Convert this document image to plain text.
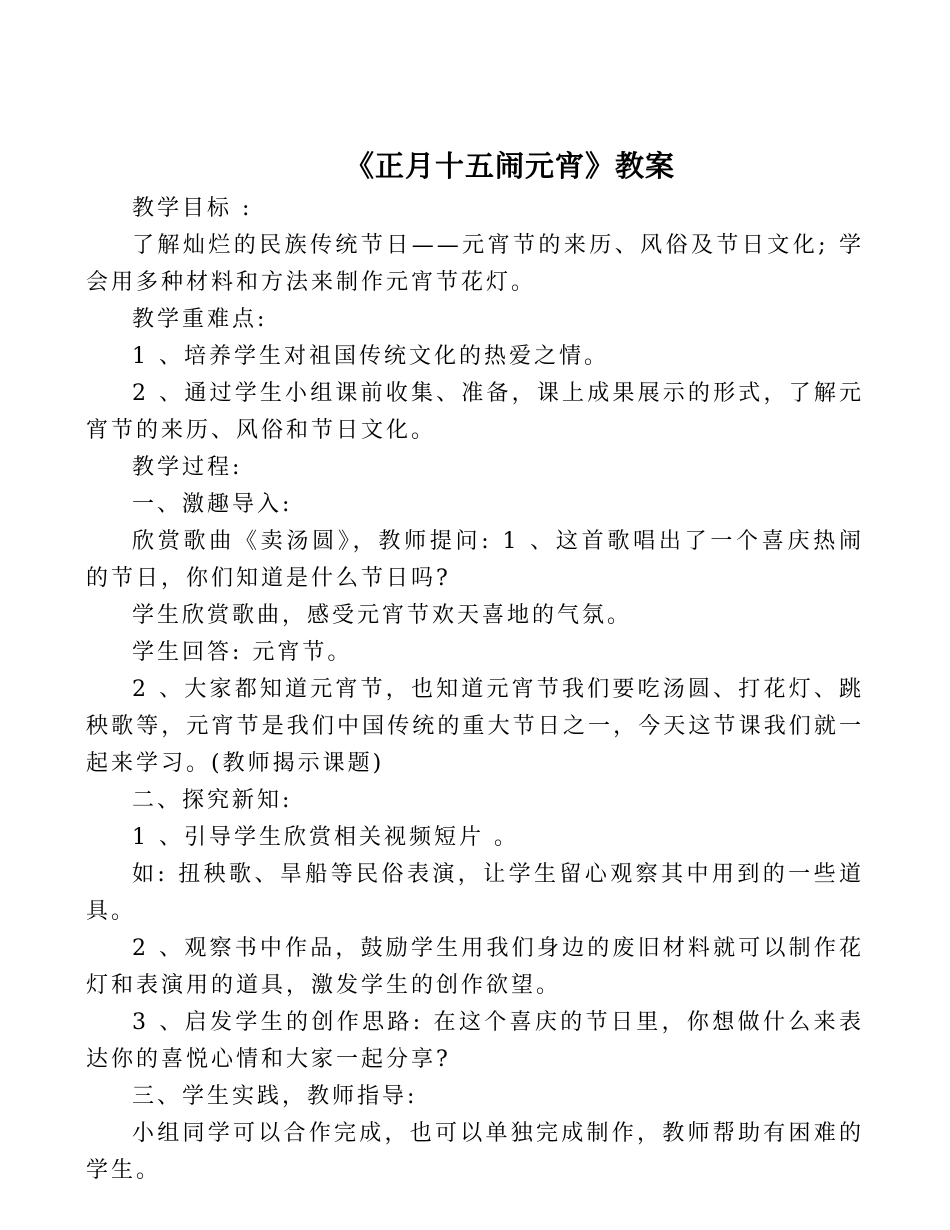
《正月十五闹元宵》教案

教学目标 :

了解灿烂的民族传统节日——元宵节的来历、风俗及节日文化; 学会用多种材料和方法来制作元宵节花灯。

教学重难点:

1 、培养学生对祖国传统文化的热爱之情。

2 、通过学生小组课前收集、准备，课上成果展示的形式，了解元宵节的来历、风俗和节日文化。

教学过程:

一、激趣导入:

欣赏歌曲《卖汤圆》，教师提问: 1 、这首歌唱出了一个喜庆热闹的节日，你们知道是什么节日吗?

学生欣赏歌曲，感受元宵节欢天喜地的气氛。

学生回答: 元宵节。

2 、大家都知道元宵节，也知道元宵节我们要吃汤圆、打花灯、跳秧歌等，元宵节是我们中国传统的重大节日之一，今天这节课我们就一起来学习。(教师揭示课题)

二、探究新知:

1 、引导学生欣赏相关视频短片 。

如: 扭秧歌、旱船等民俗表演，让学生留心观察其中用到的一些道具。

2 、观察书中作品，鼓励学生用我们身边的废旧材料就可以制作花灯和表演用的道具，激发学生的创作欲望。

3 、启发学生的创作思路: 在这个喜庆的节日里，你想做什么来表达你的喜悦心情和大家一起分享?

三、学生实践，教师指导:

小组同学可以合作完成，也可以单独完成制作，教师帮助有困难的学生。
